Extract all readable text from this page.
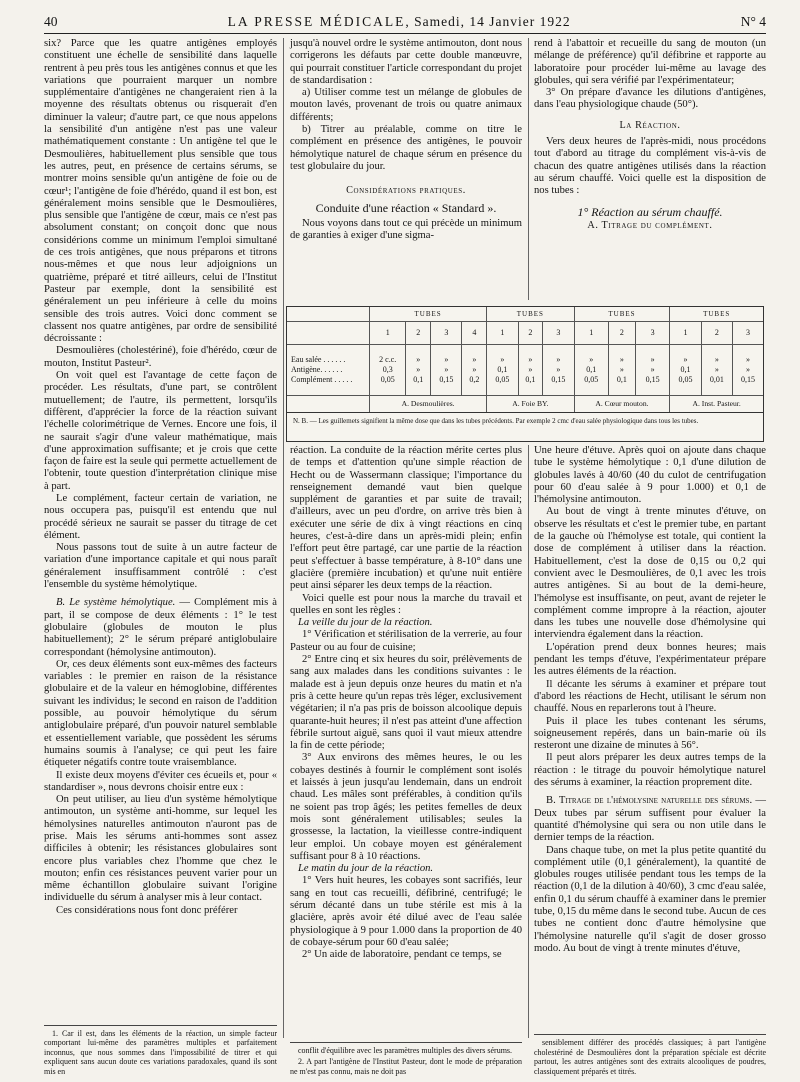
40	LA PRESSE MÉDICALE, Samedi, 14 Janvier 1922	N° 4

six? Parce que les quatre antigènes employés constituent une échelle de sensibilité dans laquelle rentrent à peu près tous les antigènes connus et que les variations que pourraient marquer un nombre supplémentaire d'antigènes ne changeraient rien à la moyenne des résultats obtenus ou risquerait d'en diminuer la valeur; d'autre part, ce que nous appelons la sensibilité d'un antigène n'est pas une valeur mathématiquement constante : Un antigène tel que le Desmoulières, habituellement plus sensible que tous les autres, peut, en présence de certains sérums, se montrer moins sensible qu'un antigène de foie ou de cœur¹; l'antigène de foie d'hérédo, quand il est bon, est généralement moins sensible que le Desmoulières, plus sensible que l'antigène de cœur, mais ce n'est pas absolument constant; on conçoit donc que nous considérions comme un minimum l'emploi simultané de ces trois antigènes, que nous préparons et titrons nous-mêmes et que nous leur adjoignions un quatrième, préparé et titré ailleurs, celui de l'Institut Pasteur par exemple, dont la sensibilité est généralement un peu inférieure à celle du moins sensible des trois autres. Voici donc comment se classent nos quatre antigènes, par ordre de sensibilité décroissante :

Desmoulières (cholestériné), foie d'hérédo, cœur de mouton, Institut Pasteur².

On voit quel est l'avantage de cette façon de procéder. Les résultats, d'une part, se contrôlent mutuellement; de l'autre, ils permettent, lorsqu'ils diffèrent, d'apprécier la force de la réaction suivant l'échelle colorimétrique de Vernes. Encore une fois, il ne saurait s'agir d'une valeur mathématique, mais d'une approximation suffisante; et je crois que cette façon de faire est la seule qui permette actuellement de l'obtenir, toute question d'interprétation clinique mise à part.

Le complément, facteur certain de variation, ne nous occupera pas, puisqu'il est entendu que nul procédé sérieux ne saurait se passer du titrage de cet élément.

Nous passons tout de suite à un autre facteur de variation d'une importance capitale et qui nous paraît généralement insuffisamment contrôlé : c'est l'ensemble du système hémolytique.

B. Le système hémolytique. — Complément mis à part, il se compose de deux éléments : 1° le test globulaire (globules de mouton le plus habituellement); 2° le sérum préparé antiglobulaire correspondant (hémolysine antimouton).

Or, ces deux éléments sont eux-mêmes des facteurs variables : le premier en raison de la résistance globulaire et de la valeur en hémoglobine, différentes suivant les individus; le second en raison de l'addition possible, au pouvoir hémolytique du sérum antiglobulaire préparé, d'un pouvoir naturel semblable et essentiellement variable, que possèdent les sérums humains soumis à l'analyse; ce qui peut les faire étiqueter négatifs contre toute vraisemblance.

Il existe deux moyens d'éviter ces écueils et, pour « standardiser », nous devrons choisir entre eux :

On peut utiliser, au lieu d'un système hémolytique antimouton, un système anti-homme, sur lequel les hémolysines naturelles antimouton n'auront pas de prise. Mais les sérums anti-hommes sont assez difficiles à obtenir; les résistances globulaires sont encore plus variables chez l'homme que chez le mouton; enfin ces résistances peuvent varier pour un même échantillon globulaire suivant l'origine individuelle du sérum à analyser mis à leur contact.

Ces considérations nous font donc préférer

jusqu'à nouvel ordre le système antimouton, dont nous corrigerons les défauts par cette double manœuvre, qui pourrait constituer l'article correspondant du projet de standardisation :

a) Utiliser comme test un mélange de globules de mouton lavés, provenant de trois ou quatre animaux différents;

b) Titrer au préalable, comme on titre le complément en présence des antigènes, le pouvoir hémolytique naturel de chaque sérum en présence du test globulaire du jour.

Considérations pratiques.

Conduite d'une réaction « Standard ».

Nous voyons dans tout ce qui précède un minimum de garanties à exiger d'une sigma-

rend à l'abattoir et recueille du sang de mouton (un mélange de préférence) qu'il défibrine et rapporte au laboratoire pour procéder lui-même au lavage des globules, qui sera vérifié par l'expérimentateur;

3° On prépare d'avance les dilutions d'antigènes, dans l'eau physiologique chaude (50°).

La Réaction.

Vers deux heures de l'après-midi, nous procédons tout d'abord au titrage du complément vis-à-vis de chacun des quatre antigènes utilisés dans la réaction au sérum chauffé. Voici quelle est la disposition de nos tubes :

1° Réaction au sérum chauffé.

A. Titrage du complément.

	TUBES				TUBES			TUBES			TUBES		
	1	2	3	4	1	2	3	1	2	3	1	2	3

Eau salée . . . . . .	2 c.c.	»	»	»	»	»	»	»	»	»	»	»	»
Antigène. . . . . .	0,3	»	»	»	0,1	»	»	0,1	»	»	0,1	»	»
Complément . . . . .	0,05	0,1	0,15	0,2	0,05	0,1	0,15	0,05	0,1	0,15	0,05	0,01	0,15

	A. Desmoulières.				A. Foie BY.			A. Cœur mouton.			A. Inst. Pasteur.		
N. B. — Les guillemets signifient la même dose que dans les tubes précédents. Par exemple 2 cmc d'eau salée physiologique dans tous les tubes.

réaction. La conduite de la réaction mérite certes plus de temps et d'attention qu'une simple réaction de Hecht ou de Wassermann classique; l'importance du renseignement demandé vaut bien quelque supplément de garanties et par suite de travail; d'ailleurs, avec un peu d'ordre, on arrive très bien à exécuter une série de dix à vingt réactions en cinq heures, c'est-à-dire dans un après-midi plein; enfin l'effort peut être partagé, car une partie de la réaction peut s'effectuer à basse température, à 8-10° dans une glacière (première incubation) et qu'une nuit entière peut ainsi séparer les deux temps de la réaction.

Voici quelle est pour nous la marche du travail et quelles en sont les règles :

La veille du jour de la réaction.

1° Vérification et stérilisation de la verrerie, au four Pasteur ou au four de cuisine;

2° Entre cinq et six heures du soir, prélèvements de sang aux malades dans les conditions suivantes : le malade est à jeun depuis onze heures du matin et n'a pris à cette heure qu'un repas très léger, exclusivement végétarien; il n'a pas pris de boisson alcoolique depuis quarante-huit heures; il n'est pas atteint d'une affection fébrile surtout aiguë, sans quoi il vaut mieux attendre la fin de cette période;

3° Aux environs des mêmes heures, le ou les cobayes destinés à fournir le complément sont isolés et laissés à jeun jusqu'au lendemain, dans un endroit chaud. Les mâles sont préférables, à condition qu'ils ne soient pas trop âgés; les petites femelles de deux mois sont généralement utilisables; seules la grossesse, la lactation, la vieillesse contre-indiquent leur emploi. Un cobaye moyen est généralement suffisant pour 8 à 10 réactions.

Le matin du jour de la réaction.

1° Vers huit heures, les cobayes sont sacrifiés, leur sang en tout cas recueilli, défibriné, centrifugé; le sérum décanté dans un tube stérile est mis à la glacière, après avoir été dilué avec de l'eau salée physiologique à 9 pour 1.000 dans la proportion de 40 de cobaye-sérum pour 60 d'eau salée;

2° Un aide de laboratoire, pendant ce temps, se

Une heure d'étuve. Après quoi on ajoute dans chaque tube le système hémolytique : 0,1 d'une dilution de globules lavés à 40/60 (40 du culot de centrifugation pour 60 d'eau salée à 9 pour 1.000) et 0,1 de l'hémolysine antimouton.

Au bout de vingt à trente minutes d'étuve, on observe les résultats et c'est le premier tube, en partant de la gauche où l'hémolyse est totale, qui contient la dose de complément à utiliser dans la réaction. Habituellement, c'est la dose de 0,15 ou 0,2 qui convient avec le Desmoulières, de 0,1 avec les trois autres antigènes. Si au bout de la demi-heure, l'hémolyse est insuffisante, on peut, avant de rejeter le complément comme impropre à la réaction, ajouter dans les tubes une nouvelle dose d'hémolysine qui interviendra également dans la réaction.

L'opération prend deux bonnes heures; mais pendant les temps d'étuve, l'expérimentateur prépare les autres éléments de la réaction.

Il décante les sérums à examiner et prépare tout d'abord les réactions de Hecht, utilisant le sérum non chauffé. Nous en reparlerons tout à l'heure.

Puis il place les tubes contenant les sérums, soigneusement repérés, dans un bain-marie où ils resteront une dizaine de minutes à 56°.

Il peut alors préparer les deux autres temps de la réaction : le titrage du pouvoir hémolytique naturel des sérums à examiner, la réaction proprement dite.

B. Titrage de l'hémolysine naturelle des sérums. — Deux tubes par sérum suffisent pour évaluer la quantité d'hémolysine qui sera ou non utile dans le dernier temps de la réaction.

Dans chaque tube, on met la plus petite quantité du complément utile (0,1 généralement), la quantité de globules rouges utilisée pendant tous les temps de la réaction (0,1 de la dilution à 40/60), 3 cmc d'eau salée, enfin 0,1 du sérum chauffé à examiner dans le premier tube, 0,15 du même dans le second tube. Aucun de ces tubes ne contient donc d'autre hémolysine que l'hémolysine naturelle qu'il s'agit de doser grosso modo. Au bout de vingt à trente minutes d'étuve,

1. Car il est, dans les éléments de la réaction, un simple facteur comportant lui-même des paramètres multiples et parfaitement inconnus, que nous sommes dans l'impossibilité de titrer et qui expliquent sans aucun doute ces variations paradoxales, quand ils sont mis en

conflit d'équilibre avec les paramètres multiples des divers sérums.

2. A part l'antigène de l'Institut Pasteur, dont le mode de préparation ne m'est pas connu, mais ne doit pas

sensiblement différer des procédés classiques; à part l'antigène cholestériné de Desmoulières dont la préparation spéciale est décrite partout, les autres antigènes sont des extraits alcooliques de poudres, classiquement préparés et titrés.
